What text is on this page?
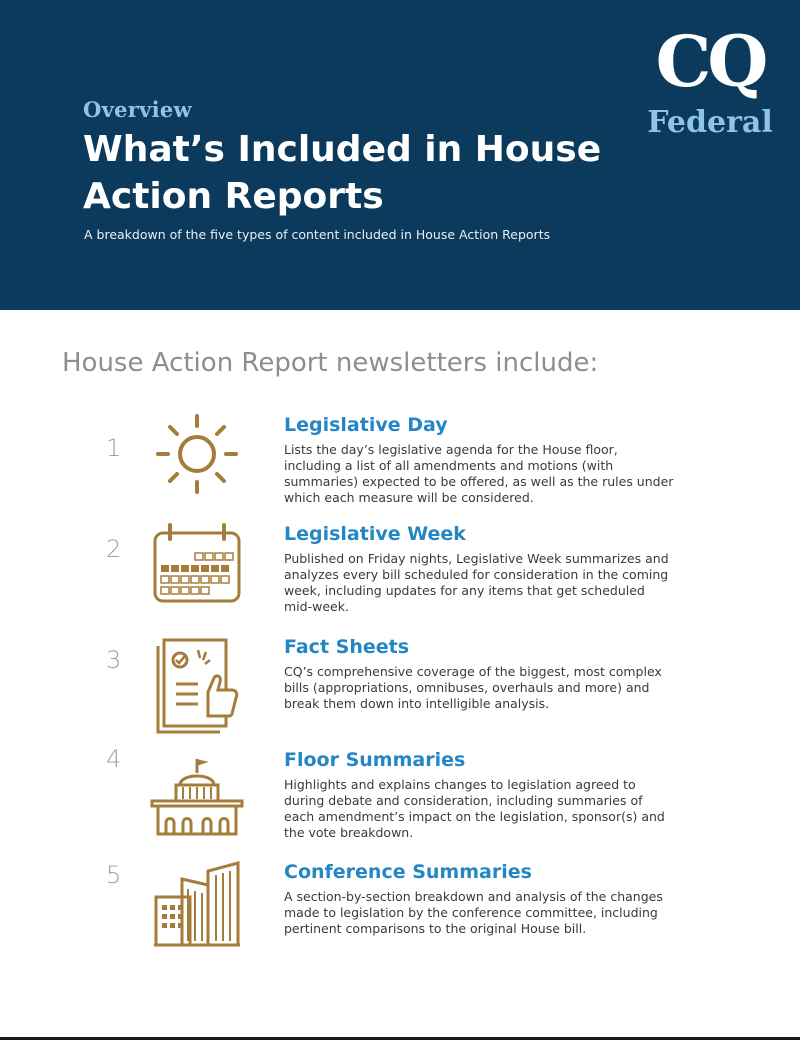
Overview
What’s Included in House Action Reports
A breakdown of the five types of content included in House Action Reports
CQ
Federal
House Action Report newsletters include:
1
Legislative Day
Lists the day’s legislative agenda for the House floor, including a list of all amendments and motions (with summaries) expected to be offered, as well as the rules under which each measure will be considered.
2
Legislative Week
Published on Friday nights, Legislative Week summarizes and analyzes every bill scheduled for consideration in the coming week, including updates for any items that get scheduled mid-week.
3	Fact Sheets
CQ’s comprehensive coverage of the biggest, most complex bills (appropriations, omnibuses, overhauls and more) and break them down into intelligible analysis.
4	Floor Summaries
Highlights and explains changes to legislation agreed to during debate and consideration, including summaries of each amendment’s impact on the legislation, sponsor(s) and the vote breakdown.
5	Conference Summaries
A section-by-section breakdown and analysis of the changes made to legislation by the conference committee, including pertinent comparisons to the original House bill.
